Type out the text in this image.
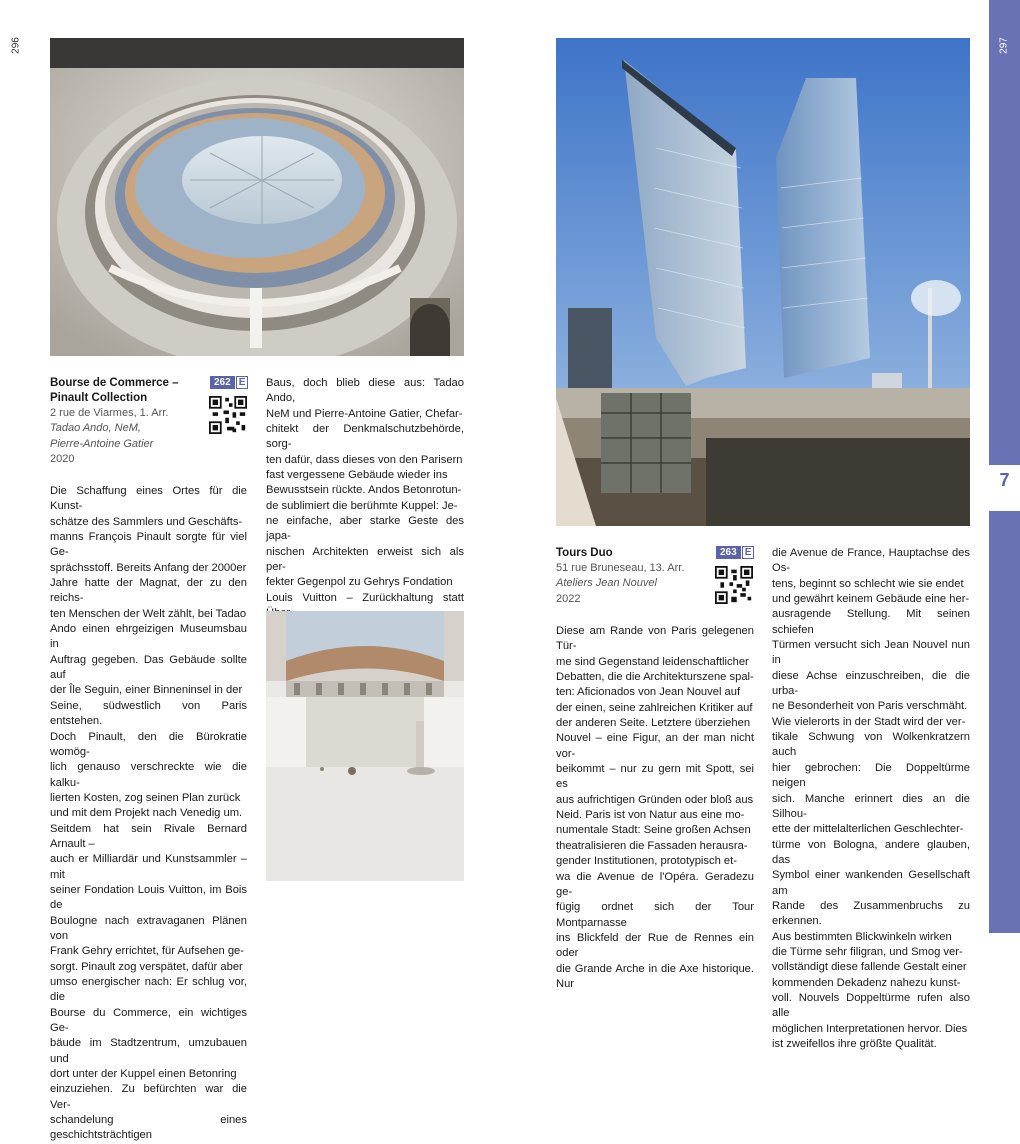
296	297
7
Bourse de Commerce –
Pinault Collection
262 E
2 rue de Viarmes, 1. Arr.
Tadao Ando, NeM,
Pierre-Antoine Gatier
2020
Die Schaffung eines Ortes für die Kunst-
schätze des Sammlers und Geschäfts-
manns François Pinault sorgte für viel Ge-
sprächsstoff. Bereits Anfang der 2000er
Jahre hatte der Magnat, der zu den reichs-
ten Menschen der Welt zählt, bei Tadao
Ando einen ehrgeizigen Museumsbau in
Auftrag gegeben. Das Gebäude sollte auf
der Île Seguin, einer Binneninsel in der
Seine, südwestlich von Paris entstehen.
Doch Pinault, den die Bürokratie womög-
lich genauso verschreckte wie die kalku-
lierten Kosten, zog seinen Plan zurück
und mit dem Projekt nach Venedig um.
Seitdem hat sein Rivale Bernard Arnault –
auch er Milliardär und Kunstsammler – mit
seiner Fondation Louis Vuitton, im Bois de
Boulogne nach extravaganen Plänen von
Frank Gehry errichtet, für Aufsehen ge-
sorgt. Pinault zog verspätet, dafür aber
umso energischer nach: Er schlug vor, die
Bourse du Commerce, ein wichtiges Ge-
bäude im Stadtzentrum, umzubauen und
dort unter der Kuppel einen Betonring
einzuziehen. Zu befürchten war die Ver-
schandelung eines geschichtsträchtigen
Baus, doch blieb diese aus: Tadao Ando,
NeM und Pierre-Antoine Gatier, Chefar-
chitekt der Denkmalschutzbehörde, sorg-
ten dafür, dass dieses von den Parisern
fast vergessene Gebäude wieder ins
Bewusstsein rückte. Andos Betonrotun-
de sublimiert die berühmte Kuppel: Je-
ne einfache, aber starke Geste des japa-
nischen Architekten erweist sich als per-
fekter Gegenpol zu Gehrys Fondation
Louis Vuitton – Zurückhaltung statt
Tours Duo	263 E
51 rue Bruneseau, 13. Arr.
Ateliers Jean Nouvel
2022
Diese am Rande von Paris gelegenen Tür-
me sind Gegenstand leidenschaftlicher
Debatten, die die Architekturszene spal-
ten: Aficionados von Jean Nouvel auf
der einen, seine zahlreichen Kritiker auf
der anderen Seite. Letztere überziehen
Nouvel – eine Figur, an der man nicht vor-
beikommt – nur zu gern mit Spott, sei es
aus aufrichtigen Gründen oder bloß aus
Neid. Paris ist von Natur aus eine mo-
numentale Stadt: Seine großen Achsen
theatralisieren die Fassaden herausra-
gender Institutionen, prototypisch et-
wa die Avenue de l'Opéra. Geradezu ge-
fügig ordnet sich der Tour Montparnasse
ins Blickfeld der Rue de Rennes ein oder
die Grande Arche in die Axe historique. Nur
die Avenue de France, Hauptachse des Os-
tens, beginnt so schlecht wie sie endet
und gewährt keinem Gebäude eine her-
ausragende Stellung. Mit seinen schiefen
Türmen versucht sich Jean Nouvel nun in
diese Achse einzuschreiben, die die urba-
ne Besonderheit von Paris verschmäht.
Wie vielerorts in der Stadt wird der ver-
tikale Schwung von Wolkenkratzern auch
hier gebrochen: Die Doppeltürme neigen
sich. Manche erinnert dies an die Silhou-
ette der mittelalterlichen Geschlechter-
türme von Bologna, andere glauben, das
Symbol einer wankenden Gesellschaft am
Rande des Zusammenbruchs zu erkennen.
Aus bestimmten Blickwinkeln wirken
die Türme sehr filigran, und Smog ver-
vollständigt diese fallende Gestalt einer
kommenden Dekadenz nahezu kunst-
voll. Nouvels Doppeltürme rufen also alle
möglichen Interpretationen hervor. Dies
ist zweifellos ihre größte Qualität.
